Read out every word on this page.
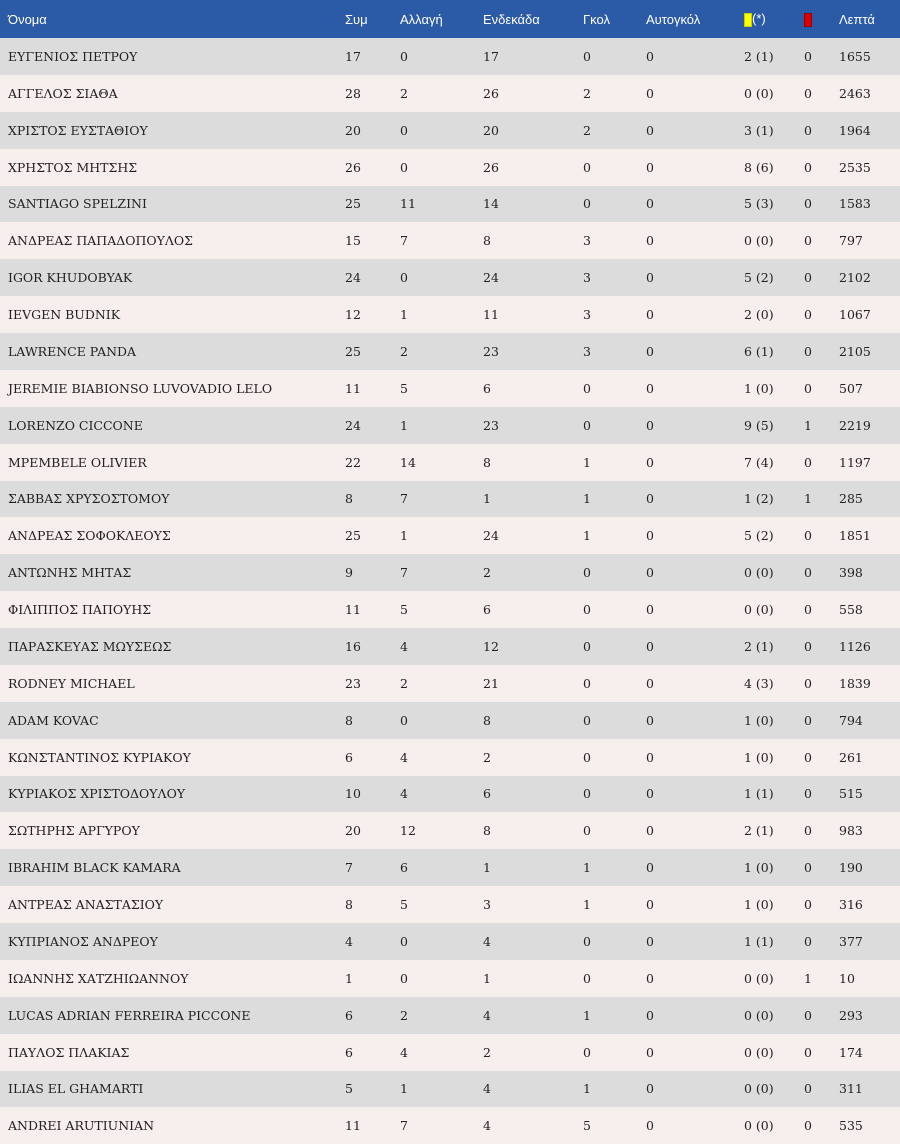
Όνομα	Συμ	Αλλαγή	Ενδεκάδα	Γκολ	Αυτογκόλ	(*)		Λεπτά
ΕΥΓΕΝΙΟΣ ΠΕΤΡΟΥ	17	0	17	0	0	2 (1)	0	1655
ΑΓΓΕΛΟΣ ΣΙΑΘΑ	28	2	26	2	0	0 (0)	0	2463
ΧΡΙΣΤΟΣ ΕΥΣΤΑΘΙΟΥ	20	0	20	2	0	3 (1)	0	1964
ΧΡΗΣΤΟΣ ΜΗΤΣΗΣ	26	0	26	0	0	8 (6)	0	2535
SANTIAGO SPELZINI	25	11	14	0	0	5 (3)	0	1583
ΑΝΔΡΕΑΣ ΠΑΠΑΔΟΠΟΥΛΟΣ	15	7	8	3	0	0 (0)	0	797
IGOR KHUDOBYAK	24	0	24	3	0	5 (2)	0	2102
IEVGEN BUDNIK	12	1	11	3	0	2 (0)	0	1067
LAWRENCE PANDA	25	2	23	3	0	6 (1)	0	2105
JEREMIE BIABIONSO LUVOVADIO LELO	11	5	6	0	0	1 (0)	0	507
LORENZO CICCONE	24	1	23	0	0	9 (5)	1	2219
MPEMBELE OLIVIER	22	14	8	1	0	7 (4)	0	1197
ΣΑΒΒΑΣ ΧΡΥΣΟΣΤΟΜΟΥ	8	7	1	1	0	1 (2)	1	285
ΑΝΔΡΕΑΣ ΣΟΦΟΚΛΕΟΥΣ	25	1	24	1	0	5 (2)	0	1851
ΑΝΤΩΝΗΣ ΜΗΤΑΣ	9	7	2	0	0	0 (0)	0	398
ΦΙΛΙΠΠΟΣ ΠΑΠΟΥΗΣ	11	5	6	0	0	0 (0)	0	558
ΠΑΡΑΣΚΕΥΑΣ ΜΩΥΣΕΩΣ	16	4	12	0	0	2 (1)	0	1126
RODNEY MICHAEL	23	2	21	0	0	4 (3)	0	1839
ADAM KOVAC	8	0	8	0	0	1 (0)	0	794
ΚΩΝΣΤΑΝΤΙΝΟΣ ΚΥΡΙΑΚΟΥ	6	4	2	0	0	1 (0)	0	261
ΚΥΡΙΑΚΟΣ ΧΡΙΣΤΟΔΟΥΛΟΥ	10	4	6	0	0	1 (1)	0	515
ΣΩΤΗΡΗΣ ΑΡΓΥΡΟΥ	20	12	8	0	0	2 (1)	0	983
IBRAHIM BLACK KAMARA	7	6	1	1	0	1 (0)	0	190
ΑΝΤΡΕΑΣ ΑΝΑΣΤΑΣΙΟΥ	8	5	3	1	0	1 (0)	0	316
ΚΥΠΡΙΑΝΟΣ ΑΝΔΡΕΟΥ	4	0	4	0	0	1 (1)	0	377
ΙΩΑΝΝΗΣ ΧΑΤΖΗΙΩΑΝΝΟΥ	1	0	1	0	0	0 (0)	1	10
LUCAS ADRIAN FERREIRA PICCONE	6	2	4	1	0	0 (0)	0	293
ΠΑΥΛΟΣ ΠΛΑΚΙΑΣ	6	4	2	0	0	0 (0)	0	174
ILIAS EL GHAMARTI	5	1	4	1	0	0 (0)	0	311
ANDREI ARUTIUNIAN	11	7	4	5	0	0 (0)	0	535
